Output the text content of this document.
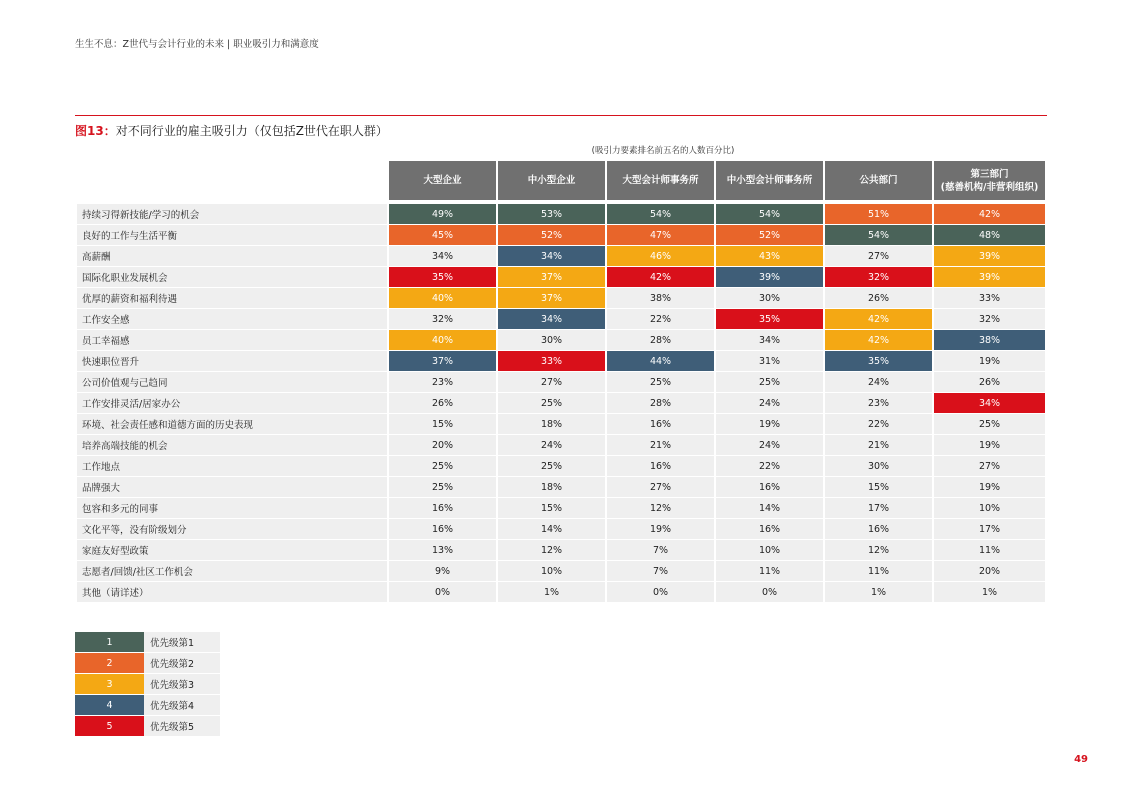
生生不息：Z世代与会计行业的未来 | 职业吸引力和满意度
图13：对不同行业的雇主吸引力（仅包括Z世代在职人群）
(吸引力要素排名前五名的人数百分比)
	大型企业	中小型企业	大型会计师事务所	中小型会计师事务所	公共部门	第三部门
(慈善机构/非营利组织)

持续习得新技能/学习的机会	49%	53%	54%	54%	51%	42%
良好的工作与生活平衡	45%	52%	47%	52%	54%	48%
高薪酬	34%	34%	46%	43%	27%	39%
国际化职业发展机会	35%	37%	42%	39%	32%	39%
优厚的薪资和福利待遇	40%	37%	38%	30%	26%	33%
工作安全感	32%	34%	22%	35%	42%	32%
员工幸福感	40%	30%	28%	34%	42%	38%
快速职位晋升	37%	33%	44%	31%	35%	19%
公司价值观与己趋同	23%	27%	25%	25%	24%	26%
工作安排灵活/居家办公	26%	25%	28%	24%	23%	34%
环境、社会责任感和道德方面的历史表现	15%	18%	16%	19%	22%	25%
培养高端技能的机会	20%	24%	21%	24%	21%	19%
工作地点	25%	25%	16%	22%	30%	27%
品牌强大	25%	18%	27%	16%	15%	19%
包容和多元的同事	16%	15%	12%	14%	17%	10%
文化平等，没有阶级划分	16%	14%	19%	16%	16%	17%
家庭友好型政策	13%	12%	7%	10%	12%	11%
志愿者/回馈/社区工作机会	9%	10%	7%	11%	11%	20%
其他（请详述）	0%	1%	0%	0%	1%	1%
1	优先级第1
2	优先级第2
3	优先级第3
4	优先级第4
5	优先级第5
49
